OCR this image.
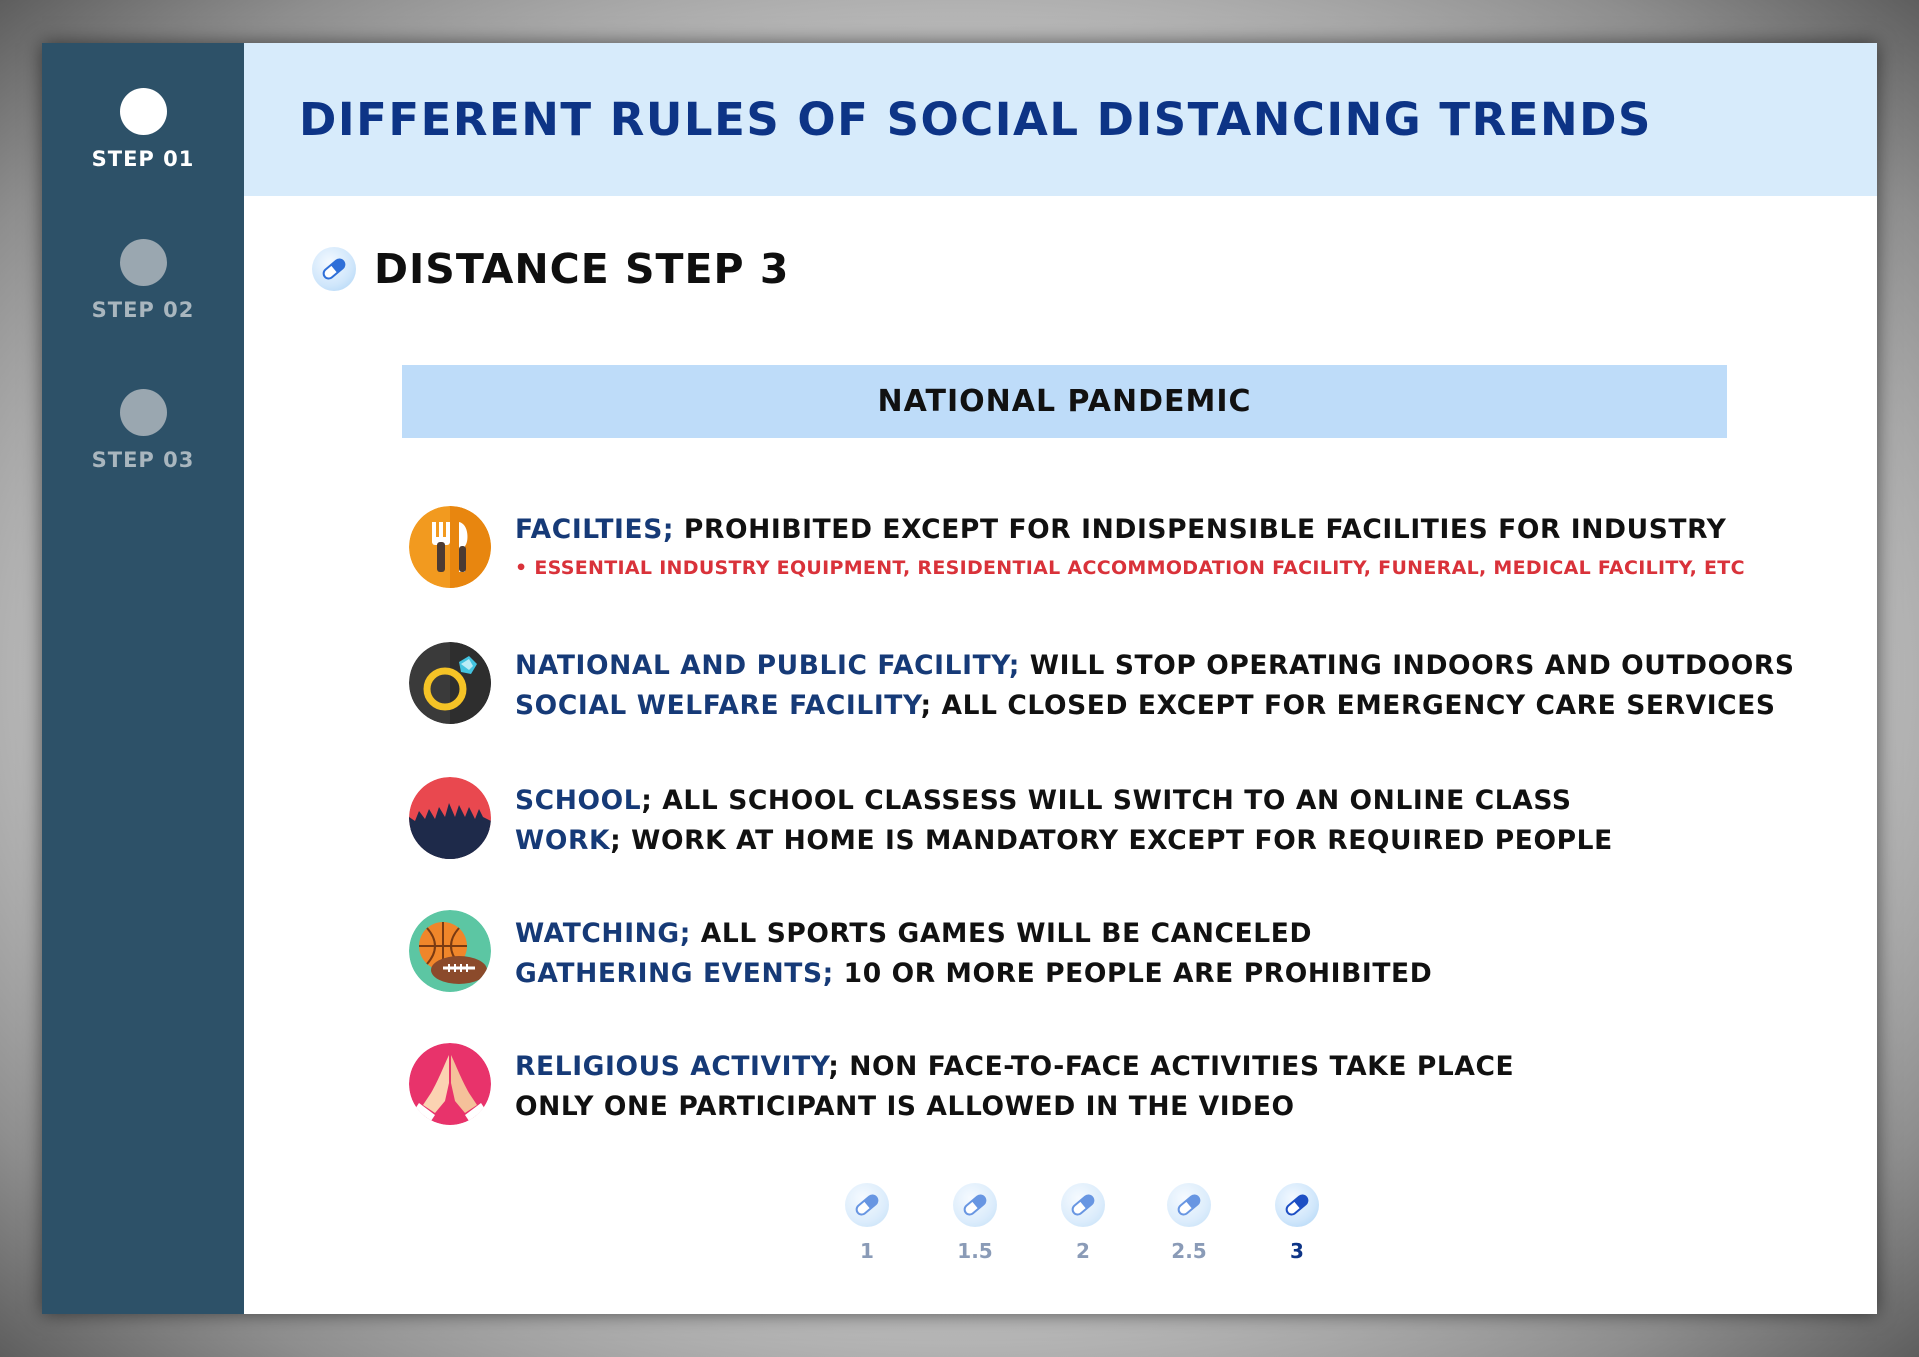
STEP 01
STEP 02
STEP 03
DIFFERENT RULES OF SOCIAL DISTANCING TRENDS
DISTANCE STEP 3
NATIONAL PANDEMIC
FACILTIES; PROHIBITED EXCEPT FOR INDISPENSIBLE FACILITIES FOR INDUSTRY
• ESSENTIAL INDUSTRY EQUIPMENT, RESIDENTIAL ACCOMMODATION FACILITY, FUNERAL, MEDICAL FACILITY, ETC
NATIONAL AND PUBLIC FACILITY; WILL STOP OPERATING INDOORS AND OUTDOORS
SOCIAL WELFARE FACILITY; ALL CLOSED EXCEPT FOR EMERGENCY CARE SERVICES
SCHOOL; ALL SCHOOL CLASSESS WILL SWITCH TO AN ONLINE CLASS
WORK; WORK AT HOME IS MANDATORY EXCEPT FOR REQUIRED PEOPLE
WATCHING; ALL SPORTS GAMES WILL BE CANCELED
GATHERING EVENTS; 10 OR MORE PEOPLE ARE PROHIBITED
RELIGIOUS ACTIVITY; NON FACE-TO-FACE ACTIVITIES TAKE PLACE
ONLY ONE PARTICIPANT IS ALLOWED IN THE VIDEO
1	1.5	2	2.5	3
